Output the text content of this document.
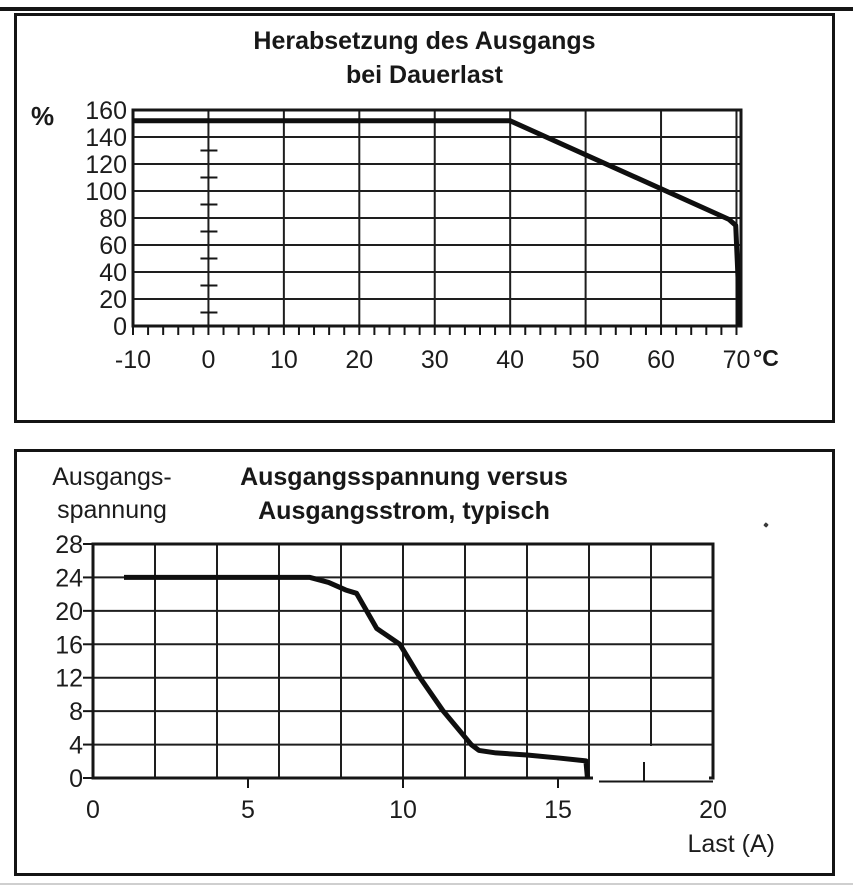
Herabsetzung des Ausgangs
bei Dauerlast
%
°C
0
20
40
60
80
100
120
140
160
-10 0 10 20 30 40 50 60 70
Ausgangs-
spannung
Ausgangsspannung versus
Ausgangsstrom, typisch
Last (A)
0
4
8
12
16
20
24
28
0	5	10	15	20
